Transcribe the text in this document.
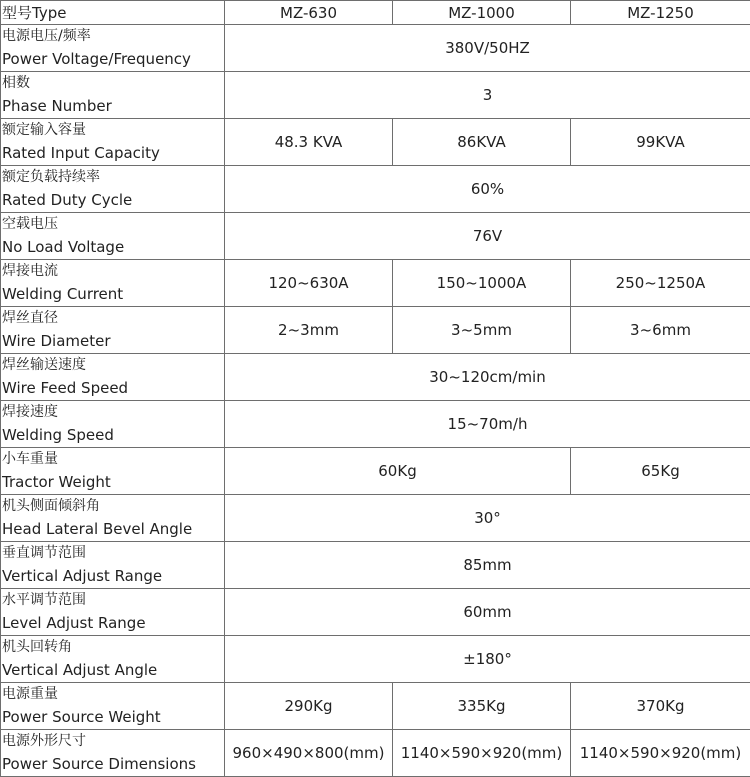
型号Type	MZ-630	MZ-1000	MZ-1250

电源电压/频率
Power Voltage/Frequency	380V/50HZ		

相数
Phase Number	3		

额定输入容量
Rated Input Capacity	48.3 KVA	86KVA	99KVA

额定负载持续率
Rated Duty Cycle	60%		

空载电压
No Load Voltage	76V		

焊接电流
Welding Current	120~630A	150~1000A	250~1250A

焊丝直径
Wire Diameter	2~3mm	3~5mm	3~6mm

焊丝输送速度
Wire Feed Speed	30~120cm/min		

焊接速度
Welding Speed	15~70m/h		

小车重量
Tractor Weight	60Kg		65Kg

机头侧面倾斜角
Head Lateral Bevel Angle	30°		

垂直调节范围
Vertical Adjust Range	85mm		

水平调节范围
Level Adjust Range	60mm		

机头回转角
Vertical Adjust Angle	±180°		

电源重量
Power Source Weight	290Kg	335Kg	370Kg

电源外形尺寸
Power Source Dimensions	960×490×800(mm)	1140×590×920(mm)	1140×590×920(mm)
